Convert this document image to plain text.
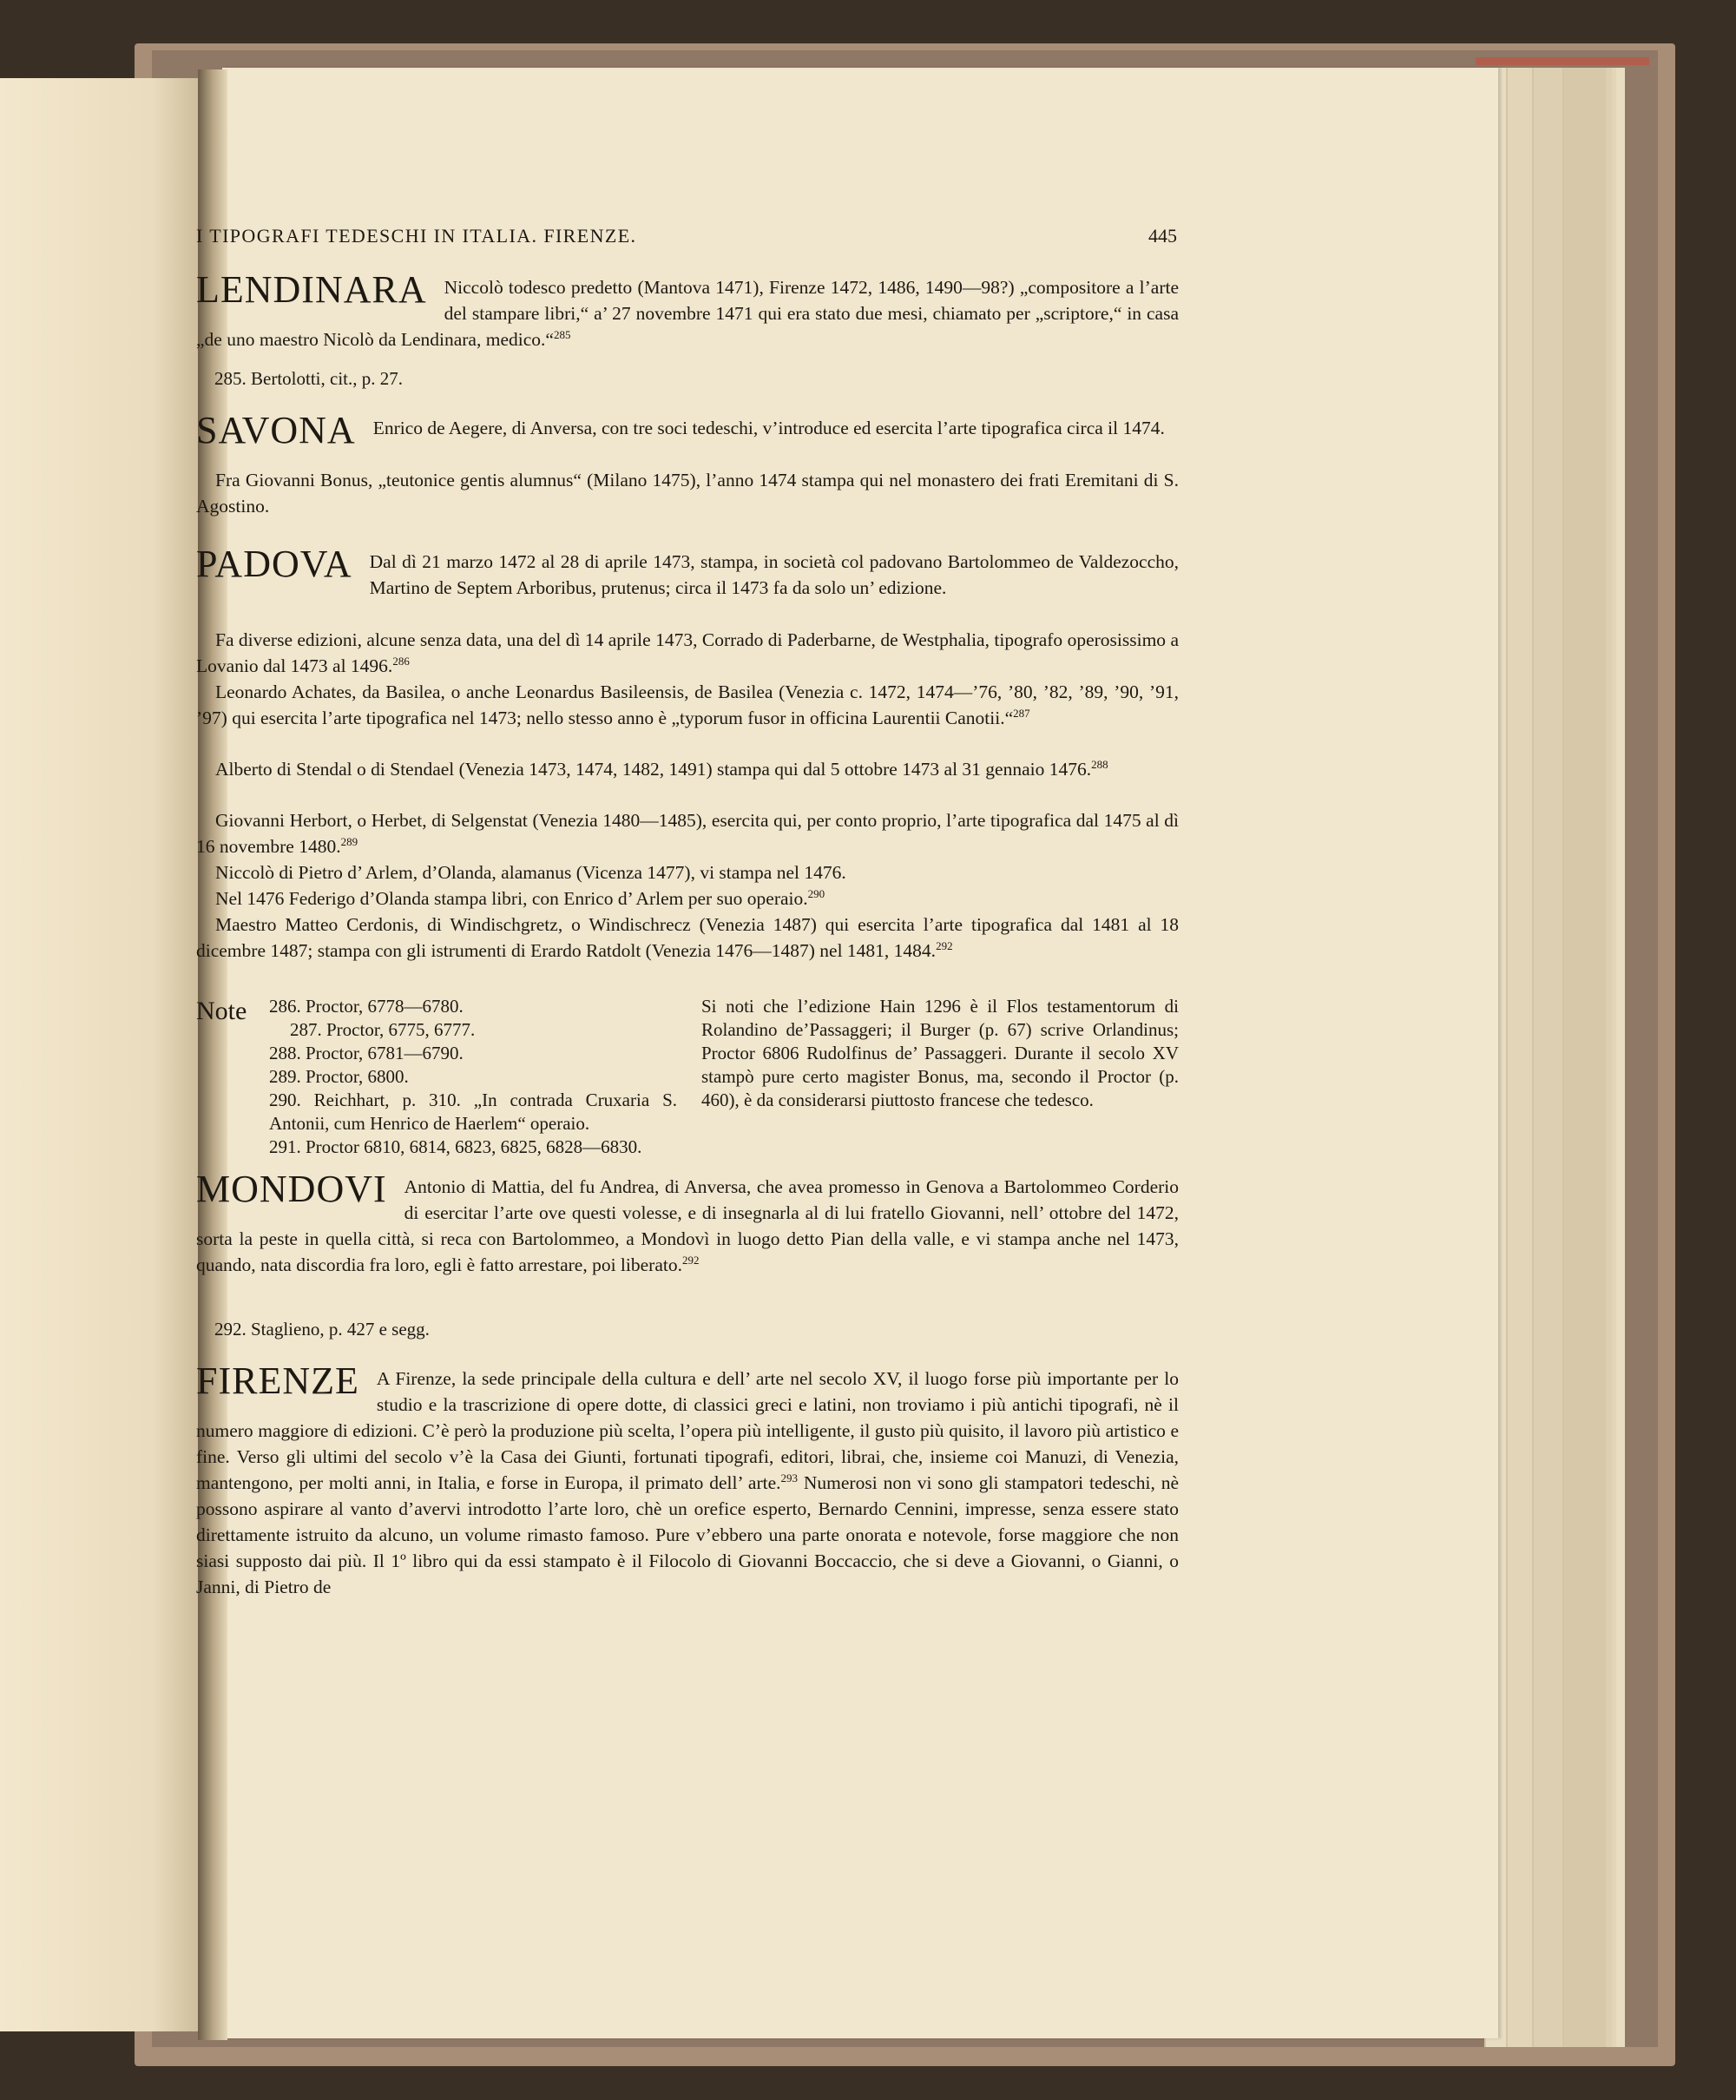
I TIPOGRAFI TEDESCHI IN ITALIA. FIRENZE.	445
LENDINARA Niccolò todesco predetto (Mantova 1471), Firenze 1472, 1486, 1490—98?) „compositore a l’arte del stampare libri,“ a’ 27 novembre 1471 qui era stato due mesi, chiamato per „scriptore,“ in casa „de uno maestro Nicolò da Lendinara, medico.“$^{285}$
285. Bertolotti, cit., p. 27.
SAVONA Enrico de Aegere, di Anversa, con tre soci tedeschi, v’introduce ed esercita l’arte tipografica circa il 1474.

Fra Giovanni Bonus, „teutonice gentis alumnus“ (Milano 1475), l’anno 1474 stampa qui nel monastero dei frati Eremitani di S. Agostino.

PADOVA Dal dì 21 marzo 1472 al 28 di aprile 1473, stampa, in società col padovano Bartolommeo de Valdezoccho, Martino de Septem Arboribus, prutenus; circa il 1473 fa da solo un’ edizione.

Fa diverse edizioni, alcune senza data, una del dì 14 aprile 1473, Corrado di Paderbarne, de Westphalia, tipografo operosissimo a Lovanio dal 1473 al 1496.$^{286}$

Leonardo Achates, da Basilea, o anche Leonardus Basileensis, de Basilea (Venezia c. 1472, 1474—’76, ’80, ’82, ’89, ’90, ’91, ’97) qui esercita l’arte tipografica nel 1473; nello stesso anno è „typorum fusor in officina Laurentii Canotii.“$^{287}$

Alberto di Stendal o di Stendael (Venezia 1473, 1474, 1482, 1491) stampa qui dal 5 ottobre 1473 al 31 gennaio 1476.$^{288}$

Giovanni Herbort, o Herbet, di Selgenstat (Venezia 1480—1485), esercita qui, per conto proprio, l’arte tipografica dal 1475 al dì 16 novembre 1480.$^{289}$

Niccolò di Pietro d’ Arlem, d’Olanda, alamanus (Vicenza 1477), vi stampa nel 1476.

Nel 1476 Federigo d’Olanda stampa libri, con Enrico d’ Arlem per suo operaio.$^{290}$

Maestro Matteo Cerdonis, di Windischgretz, o Windischrecz (Venezia 1487) qui esercita l’arte tipografica dal 1481 al 18 dicembre 1487; stampa con gli istrumenti di Erardo Ratdolt (Venezia 1476—1487) nel 1481, 1484.$^{292}$

Note 286. Proctor, 6778—6780.

287. Proctor, 6775, 6777.

288. Proctor, 6781—6790.

289. Proctor, 6800.

290. Reichhart, p. 310. „In contrada Cruxaria S. Antonii, cum Henrico de Haerlem“ operaio.

291. Proctor 6810, 6814, 6823, 6825, 6828—6830.

Si noti che l’edizione Hain 1296 è il Flos testamentorum di Rolandino de’Passaggeri; il Burger (p. 67) scrive Orlandinus; Proctor 6806 Rudolfinus de’ Passaggeri. Durante il secolo XV stampò pure certo magister Bonus, ma, secondo il Proctor (p. 460), è da considerarsi piuttosto francese che tedesco.
MONDOVI Antonio di Mattia, del fu Andrea, di Anversa, che avea promesso in Genova a Bartolommeo Corderio di esercitar l’arte ove questi volesse, e di insegnarla al di lui fratello Giovanni, nell’ ottobre del 1472, sorta la peste in quella città, si reca con Bartolommeo, a Mondovì in luogo detto Pian della valle, e vi stampa anche nel 1473, quando, nata discordia fra loro, egli è fatto arrestare, poi liberato.$^{292}$
292. Staglieno, p. 427 e segg.
FIRENZE A Firenze, la sede principale della cultura e dell’ arte nel secolo XV, il luogo forse più importante per lo studio e la trascrizione di opere dotte, di classici greci e latini, non troviamo i più antichi tipografi, nè il numero maggiore di edizioni. C’è però la produzione più scelta, l’opera più intelligente, il gusto più quisito, il lavoro più artistico e fine. Verso gli ultimi del secolo v’è la Casa dei Giunti, fortunati tipografi, editori, librai, che, insieme coi Manuzi, di Venezia, mantengono, per molti anni, in Italia, e forse in Europa, il primato dell’ arte.$^{293}$ Numerosi non vi sono gli stampatori tedeschi, nè possono aspirare al vanto d’avervi introdotto l’arte loro, chè un orefice esperto, Bernardo Cennini, impresse, senza essere stato direttamente istruito da alcuno, un volume rimasto famoso. Pure v’ebbero una parte onorata e notevole, forse maggiore che non siasi supposto dai più. Il 1º libro qui da essi stampato è il Filocolo di Giovanni Boccaccio, che si deve a Giovanni, o Gianni, o Janni, di Pietro de
